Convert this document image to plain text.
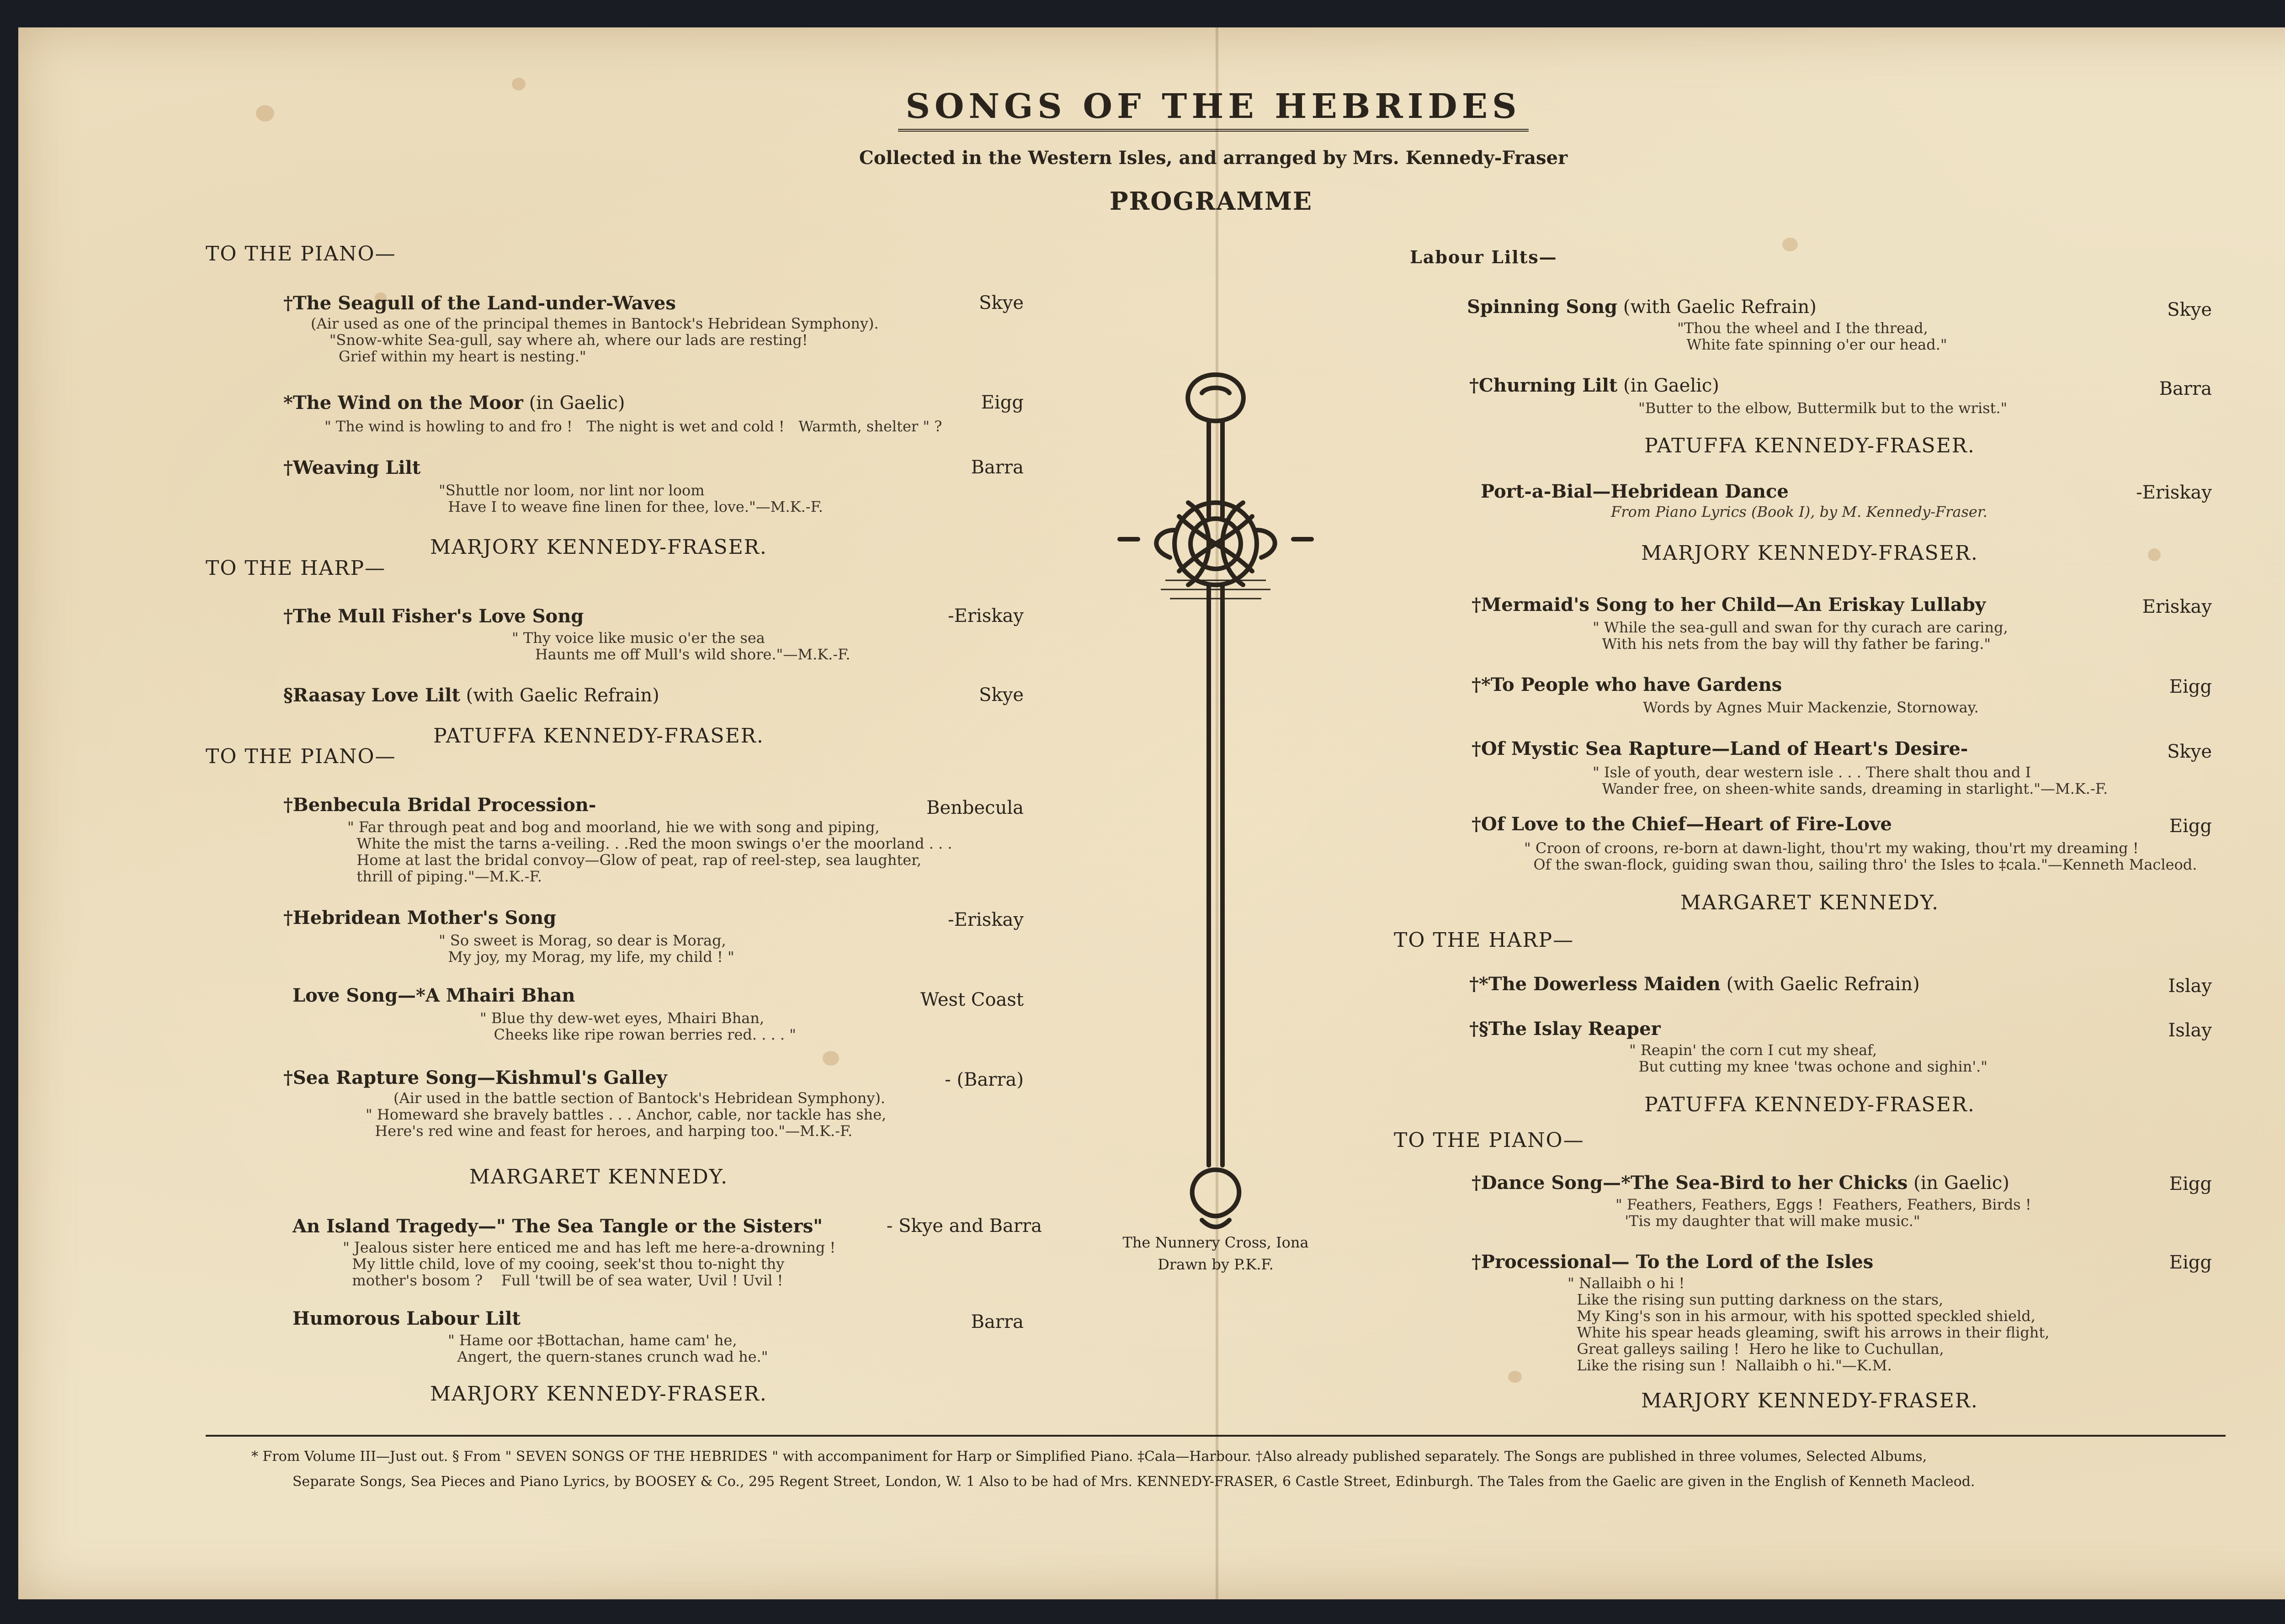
SONGS OF THE HEBRIDES
Collected in the Western Isles, and arranged by Mrs. Kennedy-Fraser
PROGRAMME
TO THE PIANO—
†The Seagull of the Land-under-Waves	Skye
(Air used as one of the principal themes in Bantock's Hebridean Symphony).
"Snow-white Sea-gull, say where ah, where our lads are resting!
Grief within my heart is nesting."
*The Wind on the Moor (in Gaelic)	Eigg
" The wind is howling to and fro !   The night is wet and cold !   Warmth, shelter " ?
†Weaving Lilt	Barra
"Shuttle nor loom, nor lint nor loom
Have I to weave fine linen for thee, love."—M.K.-F.
MARJORY KENNEDY-FRASER.
TO THE HARP—
†The Mull Fisher's Love Song	-Eriskay
" Thy voice like music o'er the sea
Haunts me off Mull's wild shore."—M.K.-F.
§Raasay Love Lilt (with Gaelic Refrain)	Skye
PATUFFA KENNEDY-FRASER.
TO THE PIANO—
†Benbecula Bridal Procession-	Benbecula
" Far through peat and bog and moorland, hie we with song and piping,
White the mist the tarns a-veiling. . .Red the moon swings o'er the moorland . . .
Home at last the bridal convoy—Glow of peat, rap of reel-step, sea laughter,
thrill of piping."—M.K.-F.
†Hebridean Mother's Song	-Eriskay
" So sweet is Morag, so dear is Morag,
My joy, my Morag, my life, my child ! "
Love Song—*A Mhairi Bhan	West Coast
" Blue thy dew-wet eyes, Mhairi Bhan,
Cheeks like ripe rowan berries red. . . . "
†Sea Rapture Song—Kishmul's Galley	- (Barra)
(Air used in the battle section of Bantock's Hebridean Symphony).
" Homeward she bravely battles . . . Anchor, cable, nor tackle has she,
Here's red wine and feast for heroes, and harping too."—M.K.-F.
MARGARET KENNEDY.
An Island Tragedy—" The Sea Tangle or the Sisters"	- Skye and Barra
" Jealous sister here enticed me and has left me here-a-drowning !
My little child, love of my cooing, seek'st thou to-night thy
mother's bosom ?    Full 'twill be of sea water, Uvil ! Uvil !
Humorous Labour Lilt	Barra
" Hame oor ‡Bottachan, hame cam' he,
Angert, the quern-stanes crunch wad he."
MARJORY KENNEDY-FRASER.
The Nunnery Cross, Iona
Drawn by P.K.F.
Labour Lilts—
Spinning Song (with Gaelic Refrain)	Skye
"Thou the wheel and I the thread,
White fate spinning o'er our head."
†Churning Lilt (in Gaelic)	Barra
"Butter to the elbow, Buttermilk but to the wrist."
PATUFFA KENNEDY-FRASER.
Port-a-Bial—Hebridean Dance	-Eriskay
From Piano Lyrics (Book I), by M. Kennedy-Fraser.
MARJORY KENNEDY-FRASER.
†Mermaid's Song to her Child—An Eriskay Lullaby	Eriskay
" While the sea-gull and swan for thy curach are caring,
With his nets from the bay will thy father be faring."
†*To People who have Gardens	Eigg
Words by Agnes Muir Mackenzie, Stornoway.
†Of Mystic Sea Rapture—Land of Heart's Desire-	Skye
" Isle of youth, dear western isle . . . There shalt thou and I
Wander free, on sheen-white sands, dreaming in starlight."—M.K.-F.
†Of Love to the Chief—Heart of Fire-Love	Eigg
" Croon of croons, re-born at dawn-light, thou'rt my waking, thou'rt my dreaming !
Of the swan-flock, guiding swan thou, sailing thro' the Isles to ‡cala."—Kenneth Macleod.
MARGARET KENNEDY.
TO THE HARP—
†*The Dowerless Maiden (with Gaelic Refrain)	Islay
†§The Islay Reaper	Islay
" Reapin' the corn I cut my sheaf,
But cutting my knee 'twas ochone and sighin'."
PATUFFA KENNEDY-FRASER.
TO THE PIANO—
†Dance Song—*The Sea-Bird to her Chicks (in Gaelic)	Eigg
" Feathers, Feathers, Eggs !  Feathers, Feathers, Birds !
'Tis my daughter that will make music."
†Processional— To the Lord of the Isles	Eigg
" Nallaibh o hi !
Like the rising sun putting darkness on the stars,
My King's son in his armour, with his spotted speckled shield,
White his spear heads gleaming, swift his arrows in their flight,
Great galleys sailing !  Hero he like to Cuchullan,
Like the rising sun !  Nallaibh o hi."—K.M.
MARJORY KENNEDY-FRASER.
* From Volume III—Just out. § From " SEVEN SONGS OF THE HEBRIDES " with accompaniment for Harp or Simplified Piano. ‡Cala—Harbour. †Also already published separately. The Songs are published in three volumes, Selected Albums,
Separate Songs, Sea Pieces and Piano Lyrics, by BOOSEY & Co., 295 Regent Street, London, W. 1 Also to be had of Mrs. KENNEDY-FRASER, 6 Castle Street, Edinburgh. The Tales from the Gaelic are given in the English of Kenneth Macleod.
